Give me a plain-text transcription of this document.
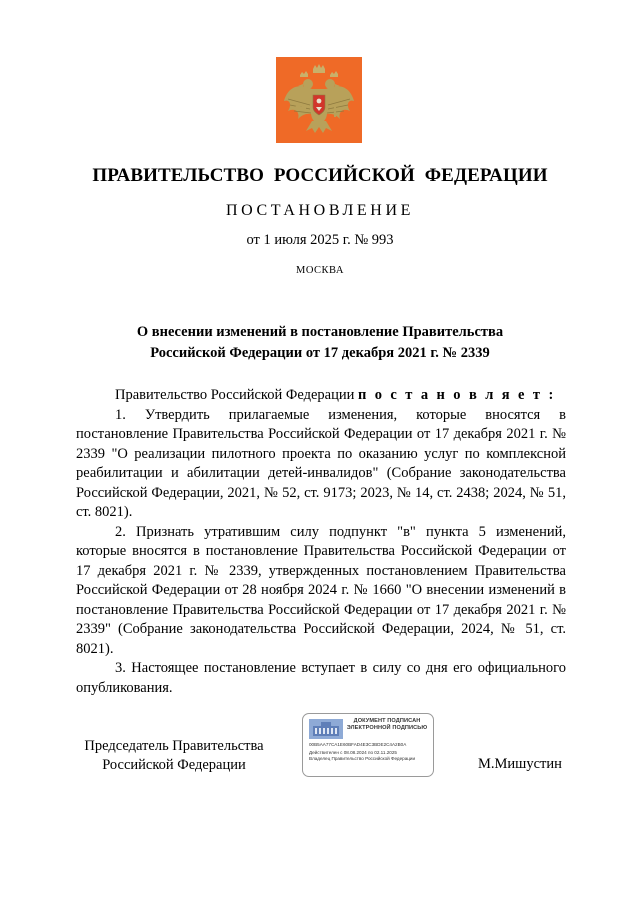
ПРАВИТЕЛЬСТВО РОССИЙСКОЙ ФЕДЕРАЦИИ
ПОСТАНОВЛЕНИЕ
от 1 июля 2025 г. № 993
МОСКВА
О внесении изменений в постановление Правительства
Российской Федерации от 17 декабря 2021 г. № 2339

Правительство Российской Федерации п о с т а н о в л я е т :

1. Утвердить прилагаемые изменения, которые вносятся в постановление Правительства Российской Федерации от 17 декабря 2021 г. № 2339 "О реализации пилотного проекта по оказанию услуг по комплексной реабилитации и абилитации детей-инвалидов" (Собрание законодательства Российской Федерации, 2021, № 52, ст. 9173; 2023, № 14, ст. 2438; 2024, № 51, ст. 8021).

2. Признать утратившим силу подпункт "в" пункта 5 изменений, которые вносятся в постановление Правительства Российской Федерации от 17 декабря 2021 г. № 2339, утвержденных постановлением Правительства Российской Федерации от 28 ноября 2024 г. № 1660 "О внесении изменений в постановление Правительства Российской Федерации от 17 декабря 2021 г. № 2339" (Собрание законодательства Российской Федерации, 2024, № 51, ст. 8021).

3. Настоящее постановление вступает в силу со дня его официального опубликования.

Председатель Правительства
Российской Федерации
ДОКУМЕНТ ПОДПИСАН
ЭЛЕКТРОННОЙ ПОДПИСЬЮ
00B5AA77CA1E60BFAD4E3C3BDE2C4A2B0A
Действителен с 08.08.2024 по 02.11.2025
Владелец Правительство Российской Федерации	М.Мишустин
